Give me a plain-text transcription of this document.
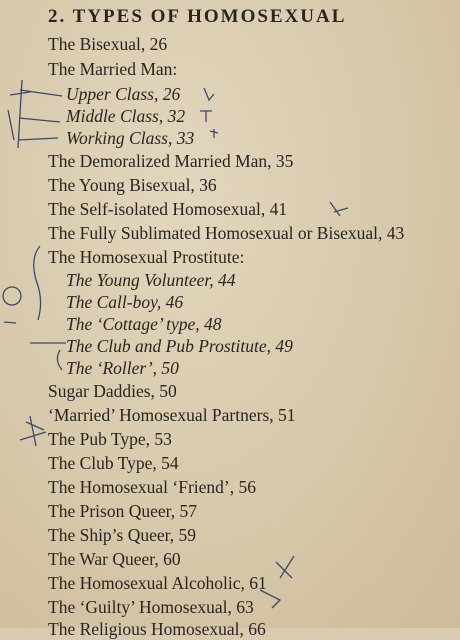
2. TYPES OF HOMOSEXUAL
The Bisexual, 26
The Married Man:
Upper Class, 26
Middle Class, 32
Working Class, 33
The Demoralized Married Man, 35
The Young Bisexual, 36
The Self-isolated Homosexual, 41
The Fully Sublimated Homosexual or Bisexual, 43
The Homosexual Prostitute:
The Young Volunteer, 44
The Call-boy, 46
The ‘Cottage’ type, 48
The Club and Pub Prostitute, 49
The ‘Roller’, 50
Sugar Daddies, 50
‘Married’ Homosexual Partners, 51
The Pub Type, 53
The Club Type, 54
The Homosexual ‘Friend’, 56
The Prison Queer, 57
The Ship’s Queer, 59
The War Queer, 60
The Homosexual Alcoholic, 61
The ‘Guilty’ Homosexual, 63
The Religious Homosexual, 66
